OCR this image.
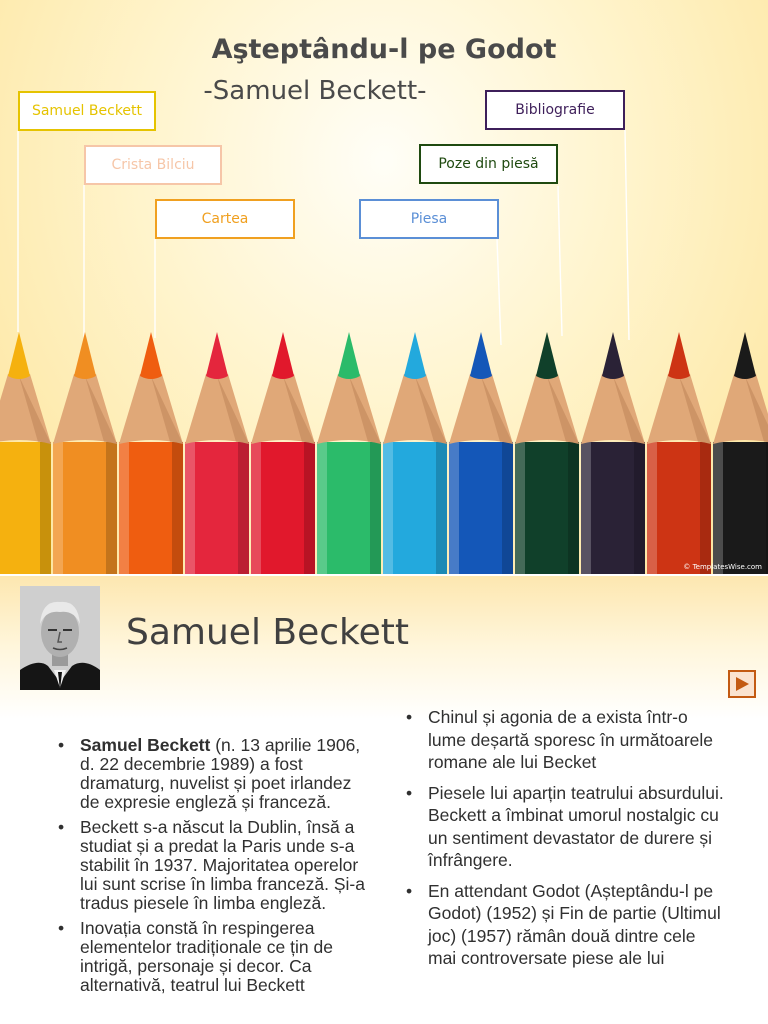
Aşteptându-l pe Godot
-Samuel Beckett-
Samuel Beckett
Crista Bilciu
Cartea	Piesa
Poze din piesă
Bibliografie
© TemplatesWise.com
Samuel Beckett
• Samuel Beckett (n. 13 aprilie 1906, d. 22 decembrie 1989) a fost dramaturg, nuvelist și poet irlandez de expresie engleză și franceză.
• Beckett s-a născut la Dublin, însă a studiat și a predat la Paris unde s-a stabilit în 1937. Majoritatea operelor lui sunt scrise în limba franceză. Și-a tradus piesele în limba engleză.
• Inovația constă în respingerea elementelor tradiționale ce țin de intrigă, personaje și decor. Ca alternativă, teatrul lui Beckett
• Chinul și agonia de a exista într-o lume deșartă sporesc în următoarele romane ale lui Becket
• Piesele lui aparțin teatrului absurdului. Beckett a îmbinat umorul nostalgic cu un sentiment devastator de durere și înfrângere.
• En attendant Godot (Așteptându-l pe Godot) (1952) și Fin de partie (Ultimul joc) (1957) rămân două dintre cele mai controversate piese ale lui
